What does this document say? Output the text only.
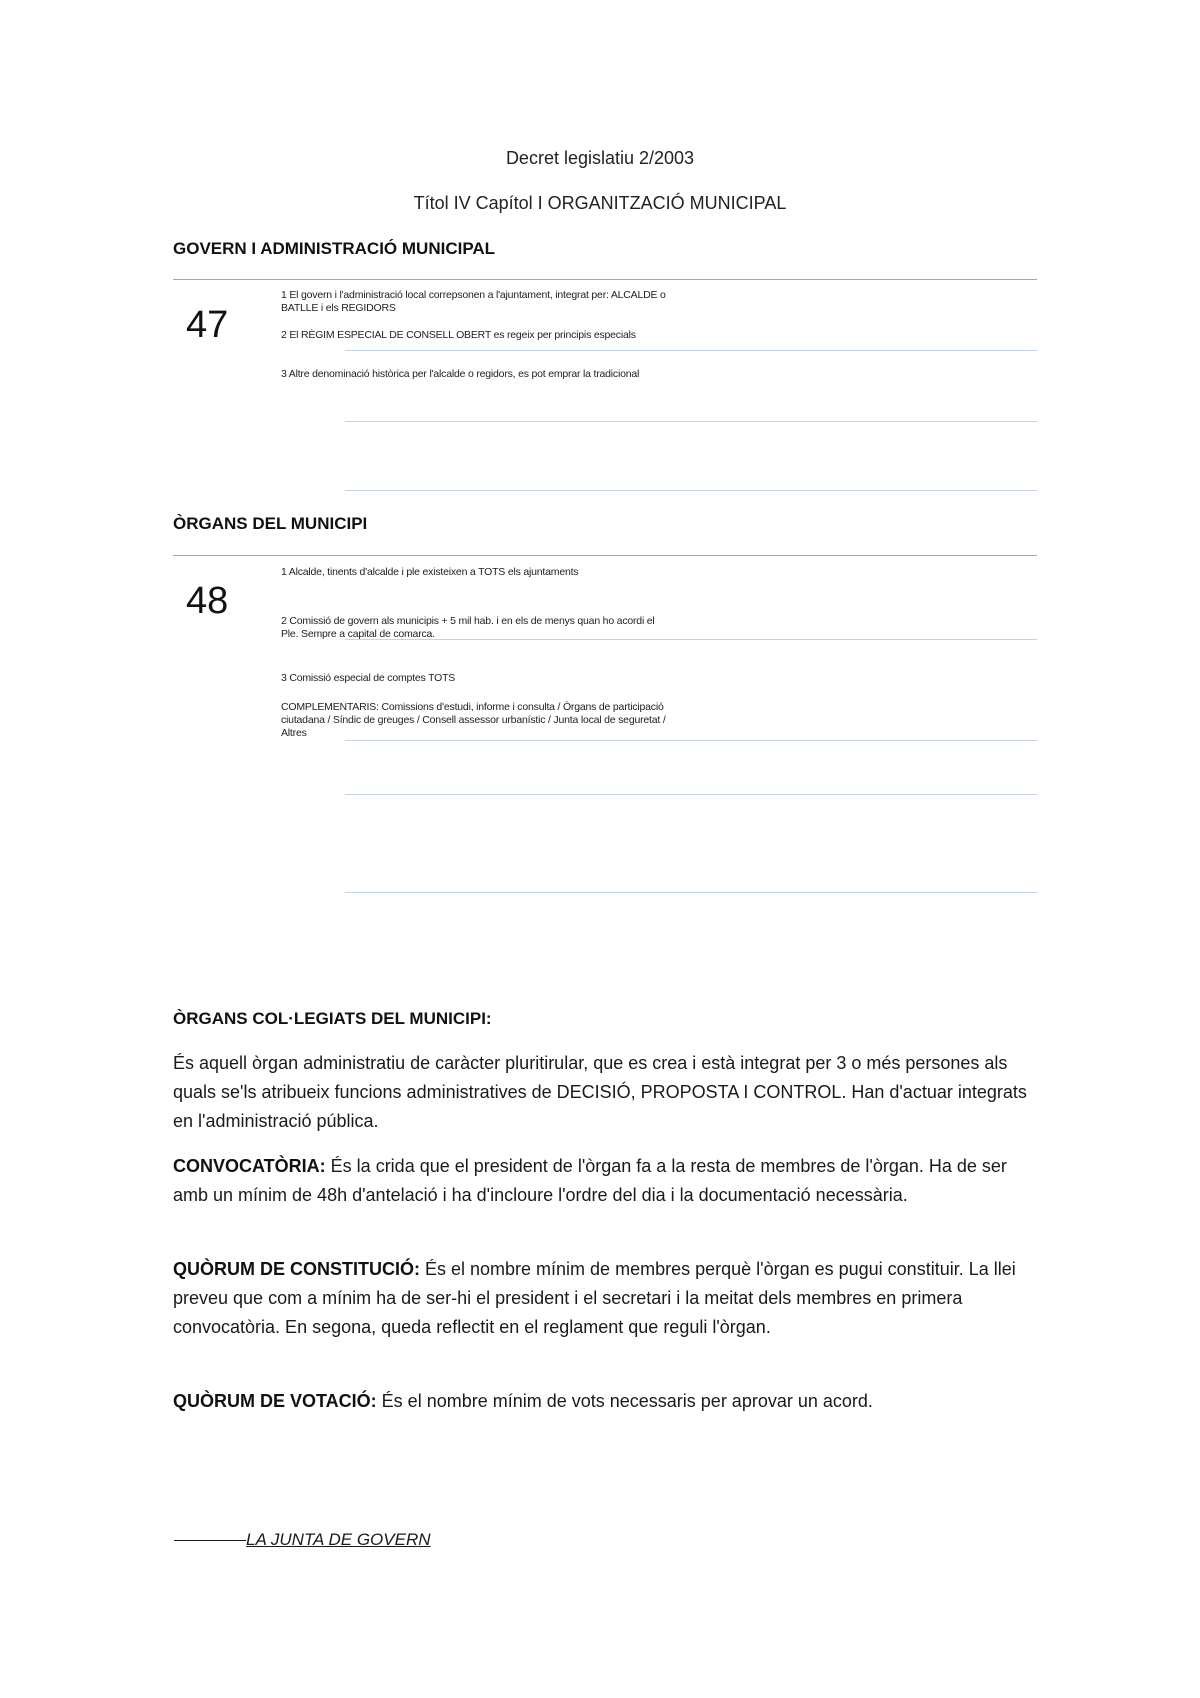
Decret legislatiu 2/2003
Títol IV Capítol I ORGANITZACIÓ MUNICIPAL
GOVERN I ADMINISTRACIÓ MUNICIPAL
47
1 El govern i l'administració local correpsonen a l'ajuntament, integrat per: ALCALDE o BATLLE i els REGIDORS
2 El RÈGIM ESPECIAL DE CONSELL OBERT es regeix per principis especials
3 Altre denominació històrica per l'alcalde o regidors, es pot emprar la tradicional
ÒRGANS DEL MUNICIPI
48
1 Alcalde, tinents d'alcalde i ple existeixen a TOTS els ajuntaments
2 Comissió de govern als municipis + 5 mil hab. i en els de menys quan ho acordi el Ple. Sempre a capital de comarca.
3 Comissió especial de comptes TOTS
COMPLEMENTARIS: Comissions d'estudi, informe i consulta / Òrgans de participació ciutadana / Síndic de greuges / Consell assessor urbanístic / Junta local de seguretat / Altres
ÒRGANS COL·LEGIATS DEL MUNICIPI:
És aquell òrgan administratiu de caràcter pluritirular, que es crea i està integrat per 3 o més persones als quals se'ls atribueix funcions administratives de DECISIÓ, PROPOSTA I CONTROL. Han d'actuar integrats en l'administració pública.
CONVOCATÒRIA: És la crida que el president de l'òrgan fa a la resta de membres de l'òrgan. Ha de ser amb un mínim de 48h d'antelació i ha d'incloure l'ordre del dia i la documentació necessària.
QUÒRUM DE CONSTITUCIÓ: És el nombre mínim de membres perquè l'òrgan es pugui constituir. La llei preveu que com a mínim ha de ser-hi el president i el secretari i la meitat dels membres en primera convocatòria. En segona, queda reflectit en el reglament que reguli l'òrgan.
QUÒRUM DE VOTACIÓ: És el nombre mínim de vots necessaris per aprovar un acord.
LA JUNTA DE GOVERN
